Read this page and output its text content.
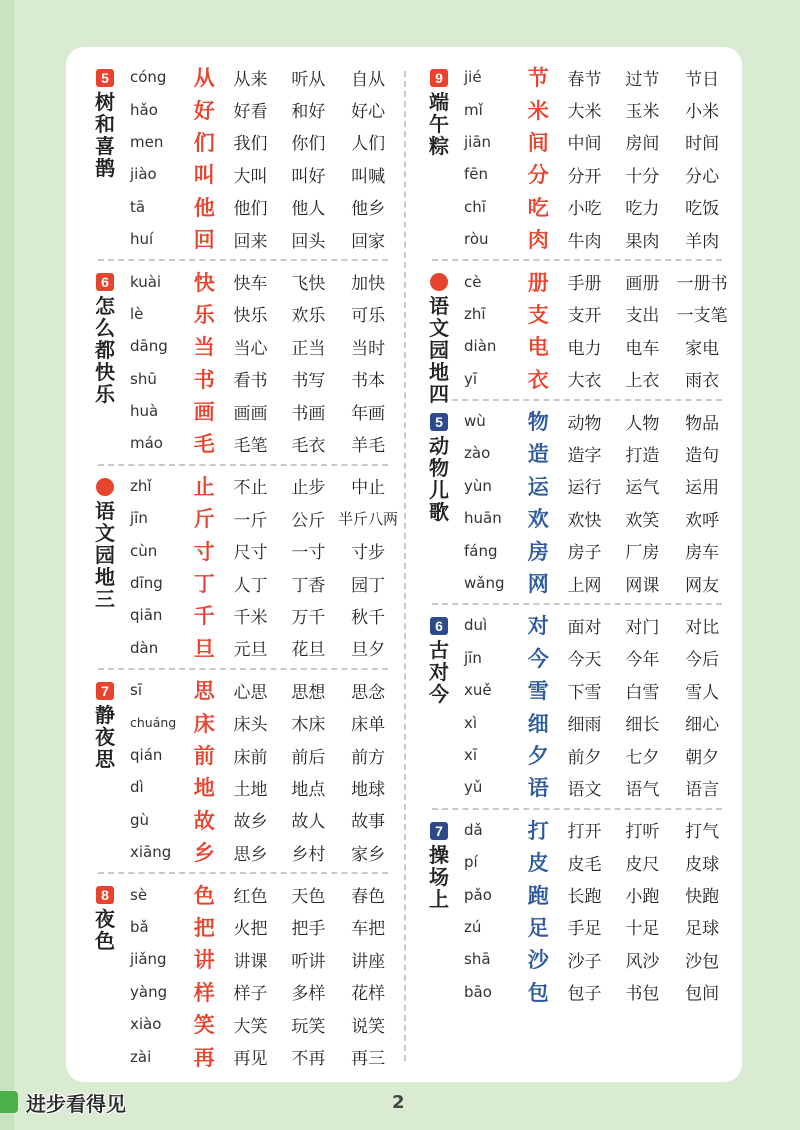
5
树
和
喜
鹊
cóng	从	从来	听从	自从
hǎo	好	好看	和好	好心
men	们	我们	你们	人们
jiào	叫	大叫	叫好	叫喊
tā	他	他们	他人	他乡
huí	回	回来	回头	回家
6
怎
么
都
快
乐
kuài	快	快车	飞快	加快
lè	乐	快乐	欢乐	可乐
dāng	当	当心	正当	当时
shū	书	看书	书写	书本
huà	画	画画	书画	年画
máo	毛	毛笔	毛衣	羊毛
语
文
园
地
三
zhǐ	止	不止	止步	中止
jīn	斤	一斤	公斤 半斤八两
cùn	寸	尺寸	一寸	寸步
dīng	丁	人丁	丁香	园丁
qiān	千	千米	万千	秋千
dàn	旦	元旦	花旦	旦夕
7
静
夜
思
sī	思	心思	思想	思念
chuáng 床	床头	木床	床单
qián	前	床前	前后	前方
dì	地	土地	地点	地球
gù	故	故乡	故人	故事
xiāng	乡	思乡	乡村	家乡
8
夜
色
sè	色	红色	天色	春色
bǎ	把	火把	把手	车把
jiǎng	讲	讲课	听讲	讲座
yàng	样	样子	多样	花样
xiào	笑	大笑	玩笑	说笑
zài	再	再见	不再	再三
9
端
午
粽
jié	节	春节	过节	节日
mǐ	米	大米	玉米	小米
jiān	间	中间	房间	时间
fēn	分	分开	十分	分心
chī	吃	小吃	吃力	吃饭
ròu	肉	牛肉	果肉	羊肉
语
文
园
地
四
cè	册	手册	画册	一册书
zhī	支	支开	支出	一支笔
diàn	电	电力	电车	家电
yī	衣	大衣	上衣	雨衣
5
动
物
儿
歌
wù	物	动物	人物	物品
zào	造	造字	打造	造句
yùn	运	运行	运气	运用
huān	欢	欢快	欢笑	欢呼
fáng	房	房子	厂房	房车
wǎng	网	上网	网课	网友
6
古
对
今
duì	对	面对	对门	对比
jīn	今	今天	今年	今后
xuě	雪	下雪	白雪	雪人
xì	细	细雨	细长	细心
xī	夕	前夕	七夕	朝夕
yǔ	语	语文	语气	语言
7
操
场
上
dǎ	打	打开	打听	打气
pí	皮	皮毛	皮尺	皮球
pǎo	跑	长跑	小跑	快跑
zú	足	手足	十足	足球
shā	沙	沙子	风沙	沙包
bāo	包	包子	书包	包间
进步看得见	2
